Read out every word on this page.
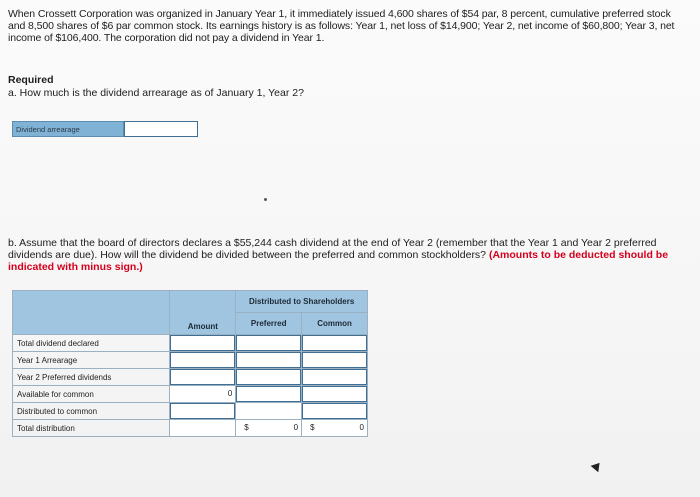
When Crossett Corporation was organized in January Year 1, it immediately issued 4,600 shares of $54 par, 8 percent, cumulative preferred stock and 8,500 shares of $6 par common stock. Its earnings history is as follows: Year 1, net loss of $14,900; Year 2, net income of $60,800; Year 3, net income of $106,400. The corporation did not pay a dividend in Year 1.
Required
a. How much is the dividend arrearage as of January 1, Year 2?
Dividend arrearage
b. Assume that the board of directors declares a $55,244 cash dividend at the end of Year 2 (remember that the Year 1 and Year 2 preferred dividends are due). How will the dividend be divided between the preferred and common stockholders? (Amounts to be deducted should be indicated with minus sign.)
	Amount	Distributed to Shareholders	
		Preferred	Common
Total dividend declared	

Year 1 Arrearage	

Year 2 Preferred dividends	

Available for common	0		

Distributed to common	

Total distribution		$ 0	$ 0
